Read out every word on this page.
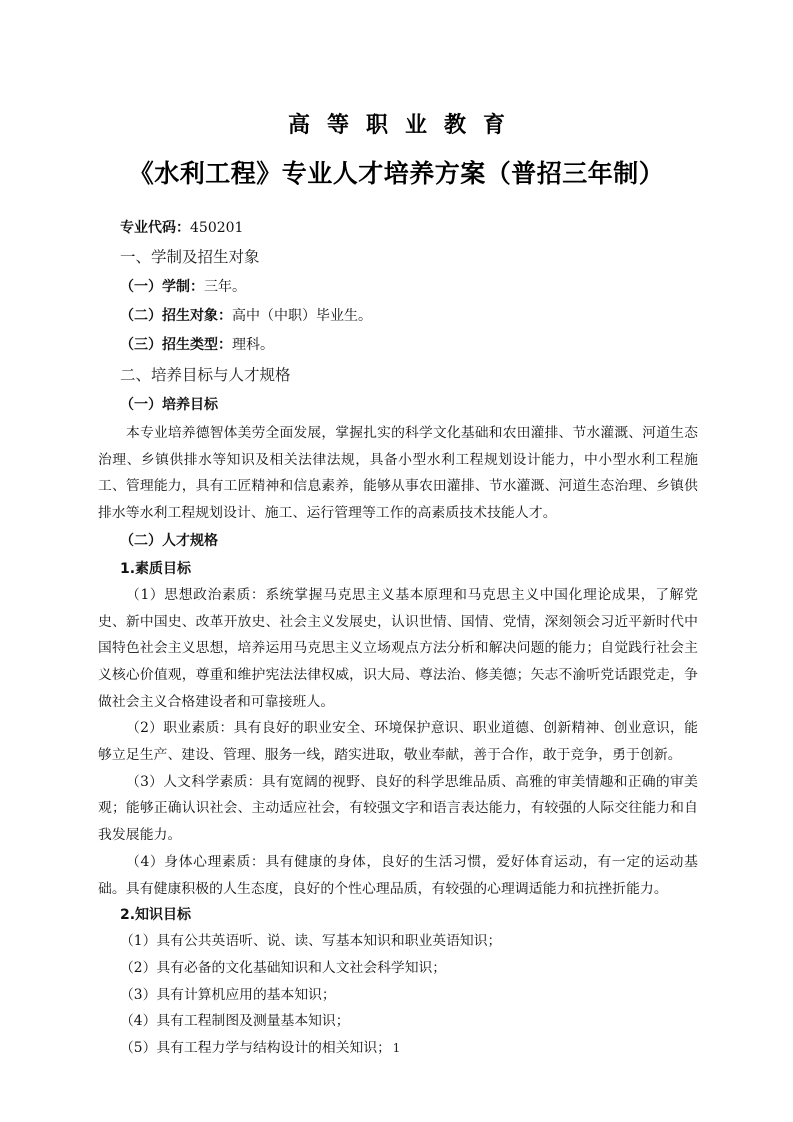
高等职业教育
《水利工程》专业人才培养方案（普招三年制）
专业代码：450201
一、学制及招生对象
（一）学制：三年。
（二）招生对象：高中（中职）毕业生。
（三）招生类型：理科。
二、培养目标与人才规格
（一）培养目标

本专业培养德智体美劳全面发展，掌握扎实的科学文化基础和农田灌排、节水灌溉、河道生态治理、乡镇供排水等知识及相关法律法规，具备小型水利工程规划设计能力，中小型水利工程施工、管理能力，具有工匠精神和信息素养，能够从事农田灌排、节水灌溉、河道生态治理、乡镇供排水等水利工程规划设计、施工、运行管理等工作的高素质技术技能人才。

（二）人才规格
1.素质目标

（1）思想政治素质：系统掌握马克思主义基本原理和马克思主义中国化理论成果，了解党史、新中国史、改革开放史、社会主义发展史，认识世情、国情、党情，深刻领会习近平新时代中国特色社会主义思想，培养运用马克思主义立场观点方法分析和解决问题的能力；自觉践行社会主义核心价值观，尊重和维护宪法法律权威，识大局、尊法治、修美德；矢志不渝听党话跟党走，争做社会主义合格建设者和可靠接班人。

（2）职业素质：具有良好的职业安全、环境保护意识、职业道德、创新精神、创业意识，能够立足生产、建设、管理、服务一线，踏实进取，敬业奉献，善于合作，敢于竞争，勇于创新。

（3）人文科学素质：具有宽阔的视野、良好的科学思维品质、高雅的审美情趣和正确的审美观；能够正确认识社会、主动适应社会，有较强文字和语言表达能力，有较强的人际交往能力和自我发展能力。

（4）身体心理素质：具有健康的身体，良好的生活习惯，爱好体育运动，有一定的运动基础。具有健康积极的人生态度，良好的个性心理品质，有较强的心理调适能力和抗挫折能力。

2.知识目标
（1）具有公共英语听、说、读、写基本知识和职业英语知识；
（2）具有必备的文化基础知识和人文社会科学知识；
（3）具有计算机应用的基本知识；
（4）具有工程制图及测量基本知识；
（5）具有工程力学与结构设计的相关知识； 1
